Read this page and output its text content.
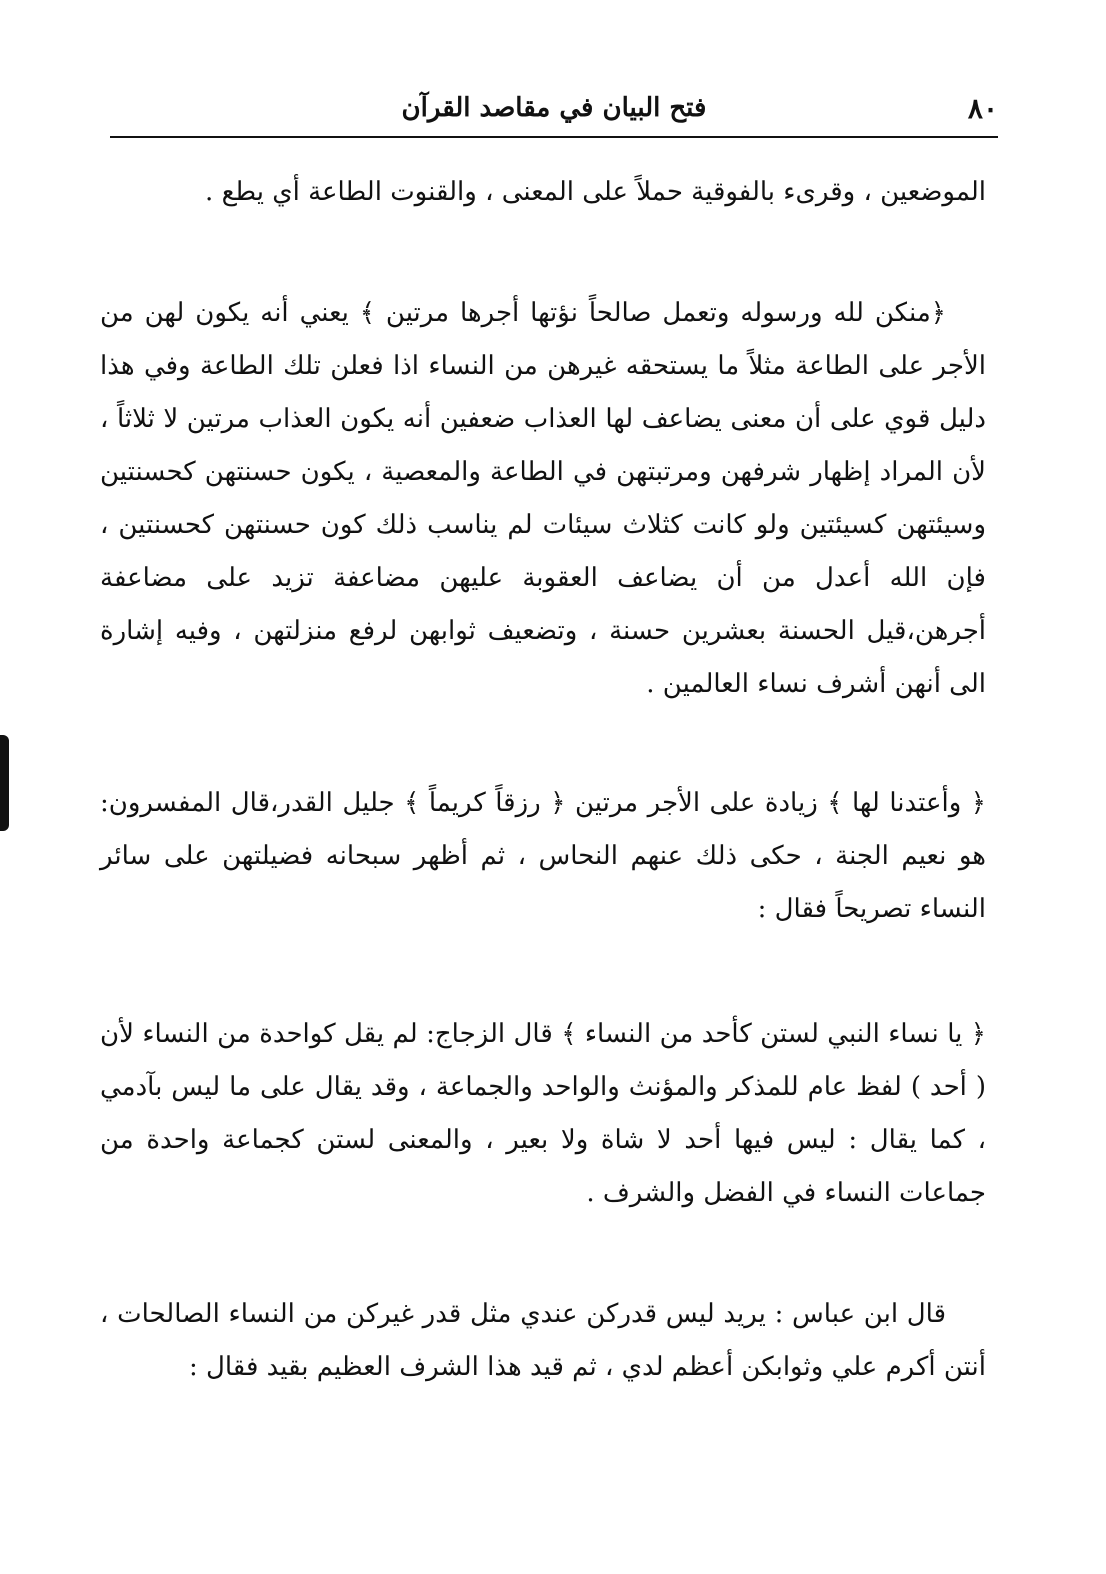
٨٠
فتح البيان في مقاصد القرآن

الموضعين ، وقرىء بالفوقية حملاً على المعنى ، والقنوت الطاعة أي يطع .

﴿منكن لله ورسوله وتعمل صالحاً نؤتها أجرها مرتين ﴾ يعني أنه يكون لهن من الأجر على الطاعة مثلاً ما يستحقه غيرهن من النساء اذا فعلن تلك الطاعة وفي هذا دليل قوي على أن معنى يضاعف لها العذاب ضعفين أنه يكون العذاب مرتين لا ثلاثاً ، لأن المراد إظهار شرفهن ومرتبتهن في الطاعة والمعصية ، يكون حسنتهن كحسنتين وسيئتهن كسيئتين ولو كانت كثلاث سيئات لم يناسب ذلك كون حسنتهن كحسنتين ، فإن الله أعدل من أن يضاعف العقوبة عليهن مضاعفة تزيد على مضاعفة أجرهن،قيل الحسنة بعشرين حسنة ، وتضعيف ثوابهن لرفع منزلتهن ، وفيه إشارة الى أنهن أشرف نساء العالمين .

﴿ وأعتدنا لها ﴾ زيادة على الأجر مرتين ﴿ رزقاً كريماً ﴾ جليل القدر،قال المفسرون: هو نعيم الجنة ، حكى ذلك عنهم النحاس ، ثم أظهر سبحانه فضيلتهن على سائر النساء تصريحاً فقال :

﴿ يا نساء النبي لستن كأحد من النساء ﴾ قال الزجاج: لم يقل كواحدة من النساء لأن ( أحد ) لفظ عام للمذكر والمؤنث والواحد والجماعة ، وقد يقال على ما ليس بآدمي ، كما يقال : ليس فيها أحد لا شاة ولا بعير ، والمعنى لستن كجماعة واحدة من جماعات النساء في الفضل والشرف .

قال ابن عباس : يريد ليس قدركن عندي مثل قدر غيركن من النساء الصالحات ، أنتن أكرم علي وثوابكن أعظم لدي ، ثم قيد هذا الشرف العظيم بقيد فقال :
